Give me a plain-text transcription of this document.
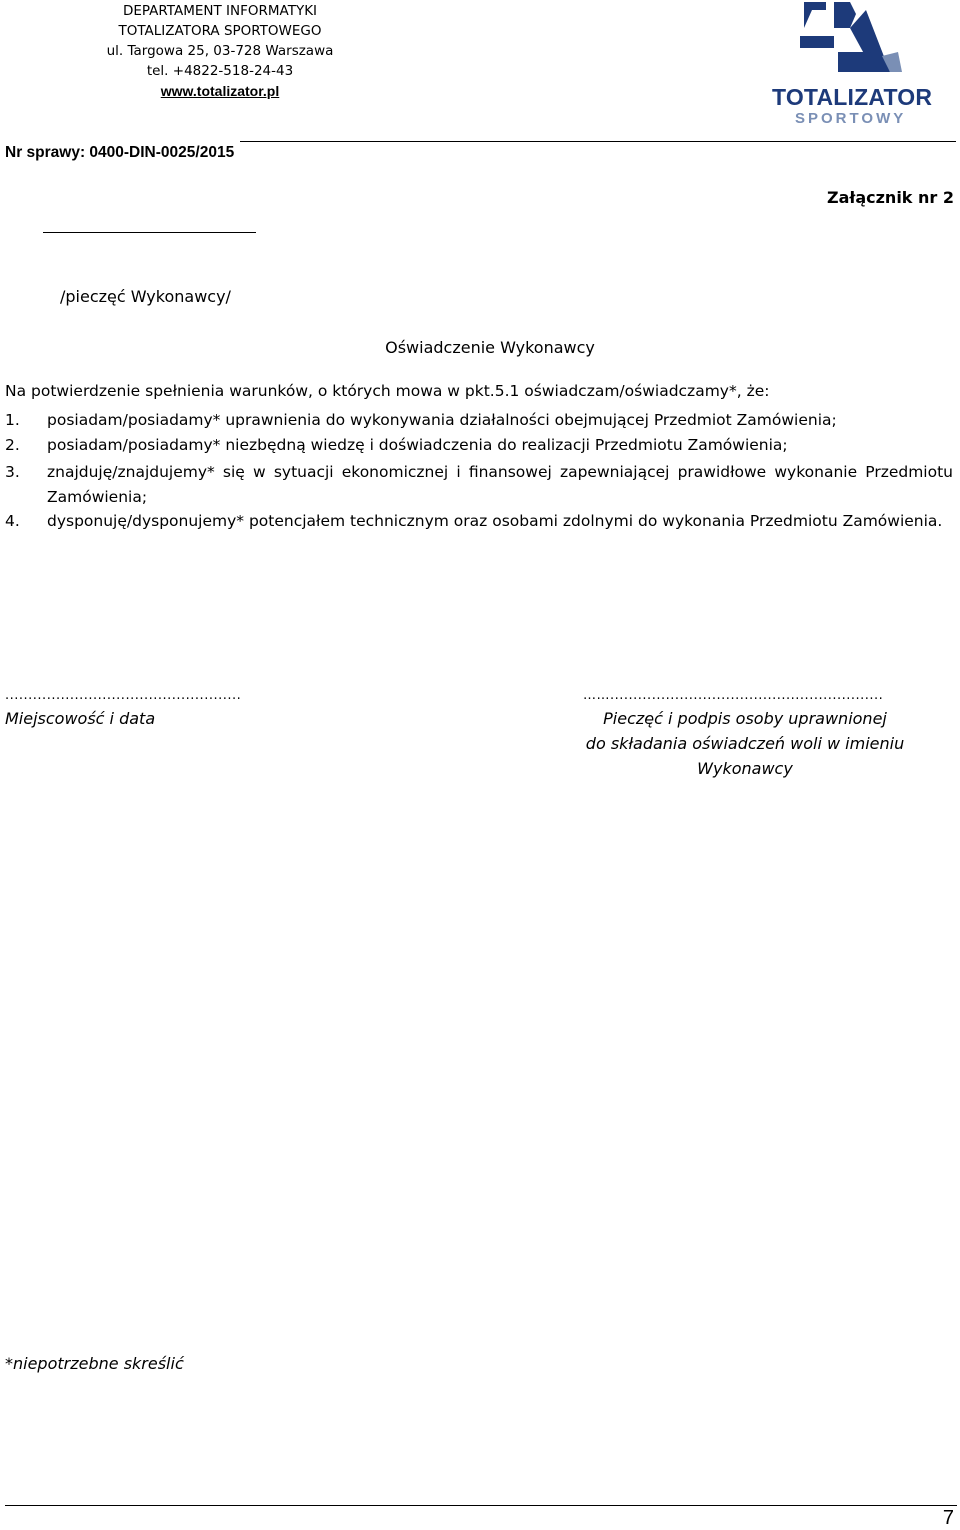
DEPARTAMENT INFORMATYKI
TOTALIZATORA SPORTOWEGO
ul. Targowa 25, 03-728 Warszawa
tel. +4822-518-24-43
www.totalizator.pl	TOTALIZATOR
SPORTOWY
Nr sprawy: 0400-DIN-0025/2015
Załącznik nr 2
/pieczęć Wykonawcy/
Oświadczenie Wykonawcy
Na potwierdzenie spełnienia warunków, o których mowa w pkt.5.1 oświadczam/oświadczamy*, że:
1. posiadam/posiadamy* uprawnienia do wykonywania działalności obejmującej Przedmiot Zamówienia;
2. posiadam/posiadamy* niezbędną wiedzę i doświadczenia do realizacji Przedmiotu Zamówienia;
3. znajduję/znajdujemy* się w sytuacji ekonomicznej i finansowej zapewniającej prawidłowe wykonanie Przedmiotu Zamówienia;
4. dysponuję/dysponujemy* potencjałem technicznym oraz osobami zdolnymi do wykonania Przedmiotu Zamówienia.
...................................................
Miejscowość i data
……...........................................................
Pieczęć i podpis osoby uprawnionej
do składania oświadczeń woli w imieniu
Wykonawcy
*niepotrzebne skreślić
7
